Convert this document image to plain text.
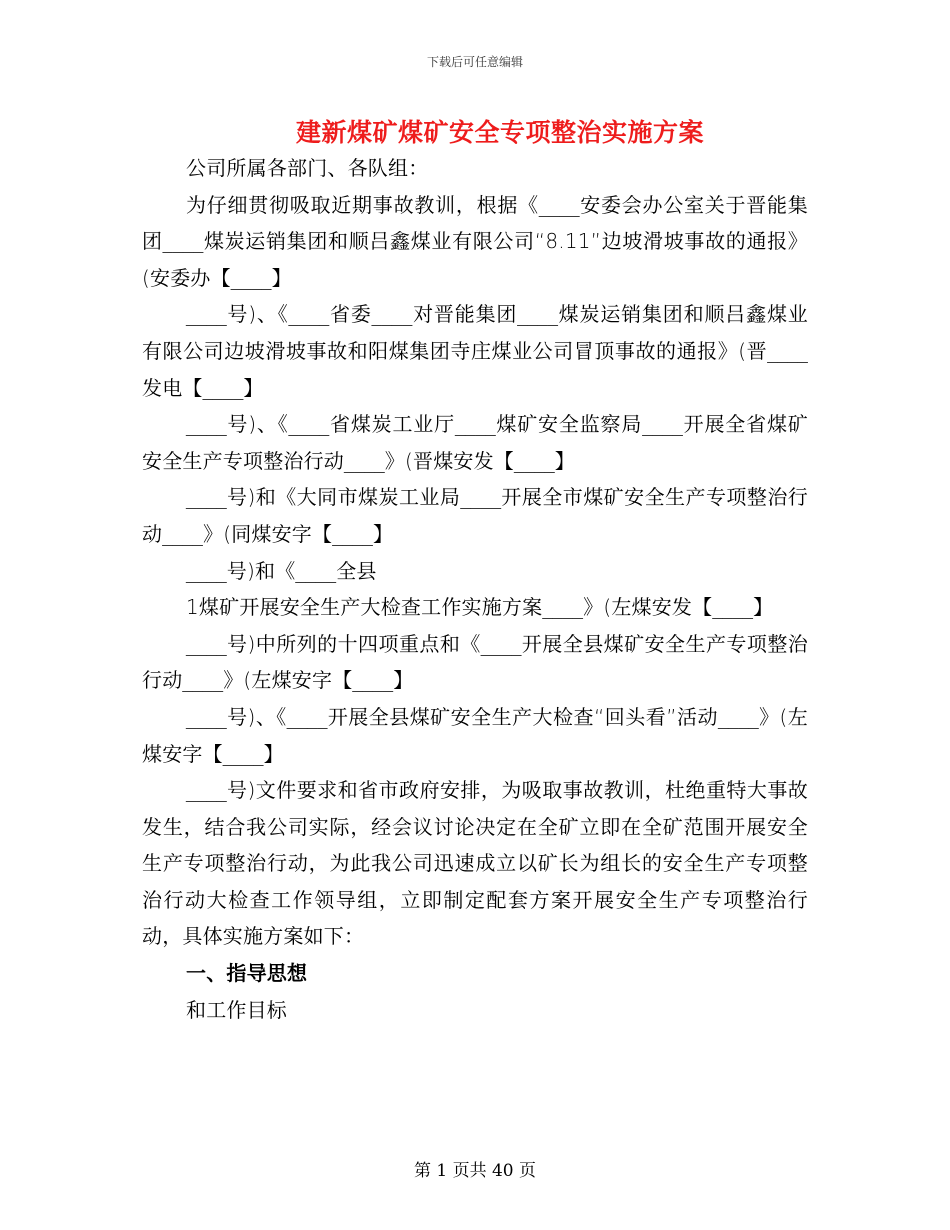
下载后可任意编辑
建新煤矿煤矿安全专项整治实施方案

公司所属各部门、各队组：

为仔细贯彻吸取近期事故教训，根据《____安委会办公室关于晋能集团____煤炭运销集团和顺吕鑫煤业有限公司“8.11”边坡滑坡事故的通报》(安委办【____】

____号)、《____省委____对晋能集团____煤炭运销集团和顺吕鑫煤业有限公司边坡滑坡事故和阳煤集团寺庄煤业公司冒顶事故的通报》(晋____发电【____】

____号)、《____省煤炭工业厅____煤矿安全监察局____开展全省煤矿安全生产专项整治行动____》(晋煤安发【____】

____号)和《大同市煤炭工业局____开展全市煤矿安全生产专项整治行动____》(同煤安字【____】

____号)和《____全县

1煤矿开展安全生产大检查工作实施方案____》(左煤安发【____】

____号)中所列的十四项重点和《____开展全县煤矿安全生产专项整治行动____》(左煤安字【____】

____号)、《____开展全县煤矿安全生产大检查“回头看”活动____》(左煤安字【____】

____号)文件要求和省市政府安排，为吸取事故教训，杜绝重特大事故发生，结合我公司实际，经会议讨论决定在全矿立即在全矿范围开展安全生产专项整治行动，为此我公司迅速成立以矿长为组长的安全生产专项整治行动大检查工作领导组，立即制定配套方案开展安全生产专项整治行动，具体实施方案如下：

一、指导思想

和工作目标

第 1 页共 40 页
